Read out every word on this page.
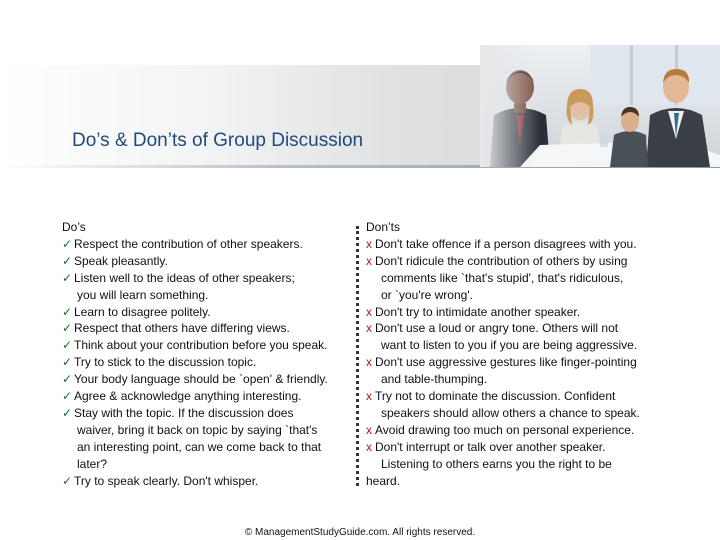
Do’s & Don’ts of Group Discussion
Do’s
✓ Respect the contribution of other speakers.
✓ Speak pleasantly.
✓ Listen well to the ideas of other speakers;
you will learn something.
✓ Learn to disagree politely.
✓ Respect that others have differing views.
✓ Think about your contribution before you speak.
✓ Try to stick to the discussion topic.
✓ Your body language should be `open' & friendly.
✓ Agree & acknowledge anything interesting.
✓ Stay with the topic. If the discussion does
waiver, bring it back on topic by saying `that's
an interesting point, can we come back to that
later?
✓ Try to speak clearly. Don't whisper.
Don’ts
x Don't take offence if a person disagrees with you.
x Don't ridicule the contribution of others by using
comments like `that's stupid', that's ridiculous,
or `you're wrong'.
x Don't try to intimidate another speaker.
x Don't use a loud or angry tone. Others will not
want to listen to you if you are being aggressive.
x Don't use aggressive gestures like finger-pointing
and table-thumping.
x Try not to dominate the discussion. Confident
speakers should allow others a chance to speak.
x Avoid drawing too much on personal experience.
x Don't interrupt or talk over another speaker.
Listening to others earns you the right to be
heard.
© ManagementStudyGuide.com. All rights reserved.
